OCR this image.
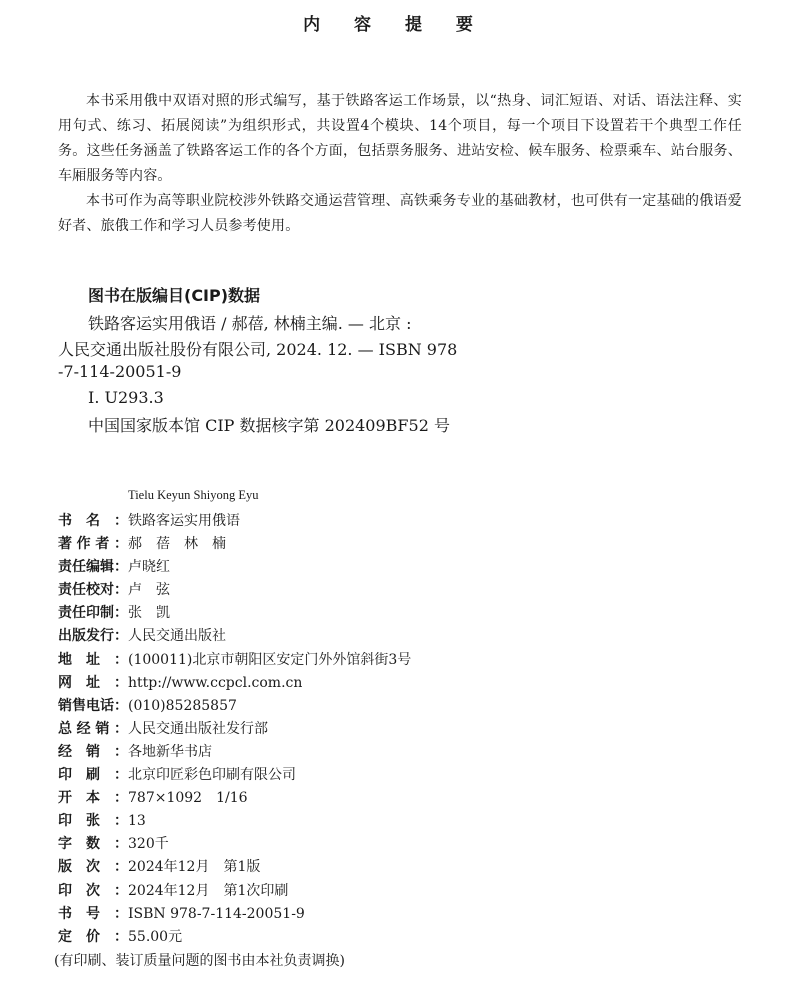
内 容 提 要

本书采用俄中双语对照的形式编写，基于铁路客运工作场景，以“热身、词汇短语、对话、语法注释、实用句式、练习、拓展阅读”为组织形式，共设置4个模块、14个项目，每一个项目下设置若干个典型工作任务。这些任务涵盖了铁路客运工作的各个方面，包括票务服务、进站安检、候车服务、检票乘车、站台服务、车厢服务等内容。

本书可作为高等职业院校涉外铁路交通运营管理、高铁乘务专业的基础教材，也可供有一定基础的俄语爱好者、旅俄工作和学习人员参考使用。

图书在版编目(CIP)数据
铁路客运实用俄语 / 郝蓓, 林楠主编. — 北京 :
人民交通出版社股份有限公司, 2024. 12. — ISBN 978
-7-114-20051-9
Ⅰ. U293.3
中国国家版本馆 CIP 数据核字第 202409BF52 号
Tielu Keyun Shiyong Eyu
书 名 ： 铁路客运实用俄语
著 作 者 ： 郝　蓓　林　楠
责 任 编 辑 ： 卢晓红
责 任 校 对 ： 卢　弦
责 任 印 制 ： 张　凯
出 版 发 行 ： 人民交通出版社
地 址 ： (100011)北京市朝阳区安定门外外馆斜街3号
网 址 ： http://www.ccpcl.com.cn
销 售 电 话 ： (010)85285857
总 经 销 ： 人民交通出版社发行部
经 销 ： 各地新华书店
印 刷 ： 北京印匠彩色印刷有限公司
开 本 ： 787×1092　1/16
印 张 ： 13
字 数 ： 320千
版 次 ： 2024年12月　第1版
印 次 ： 2024年12月　第1次印刷
书 号 ： ISBN 978-7-114-20051-9
定 价 ： 55.00元
(有印刷、装订质量问题的图书由本社负责调换)
